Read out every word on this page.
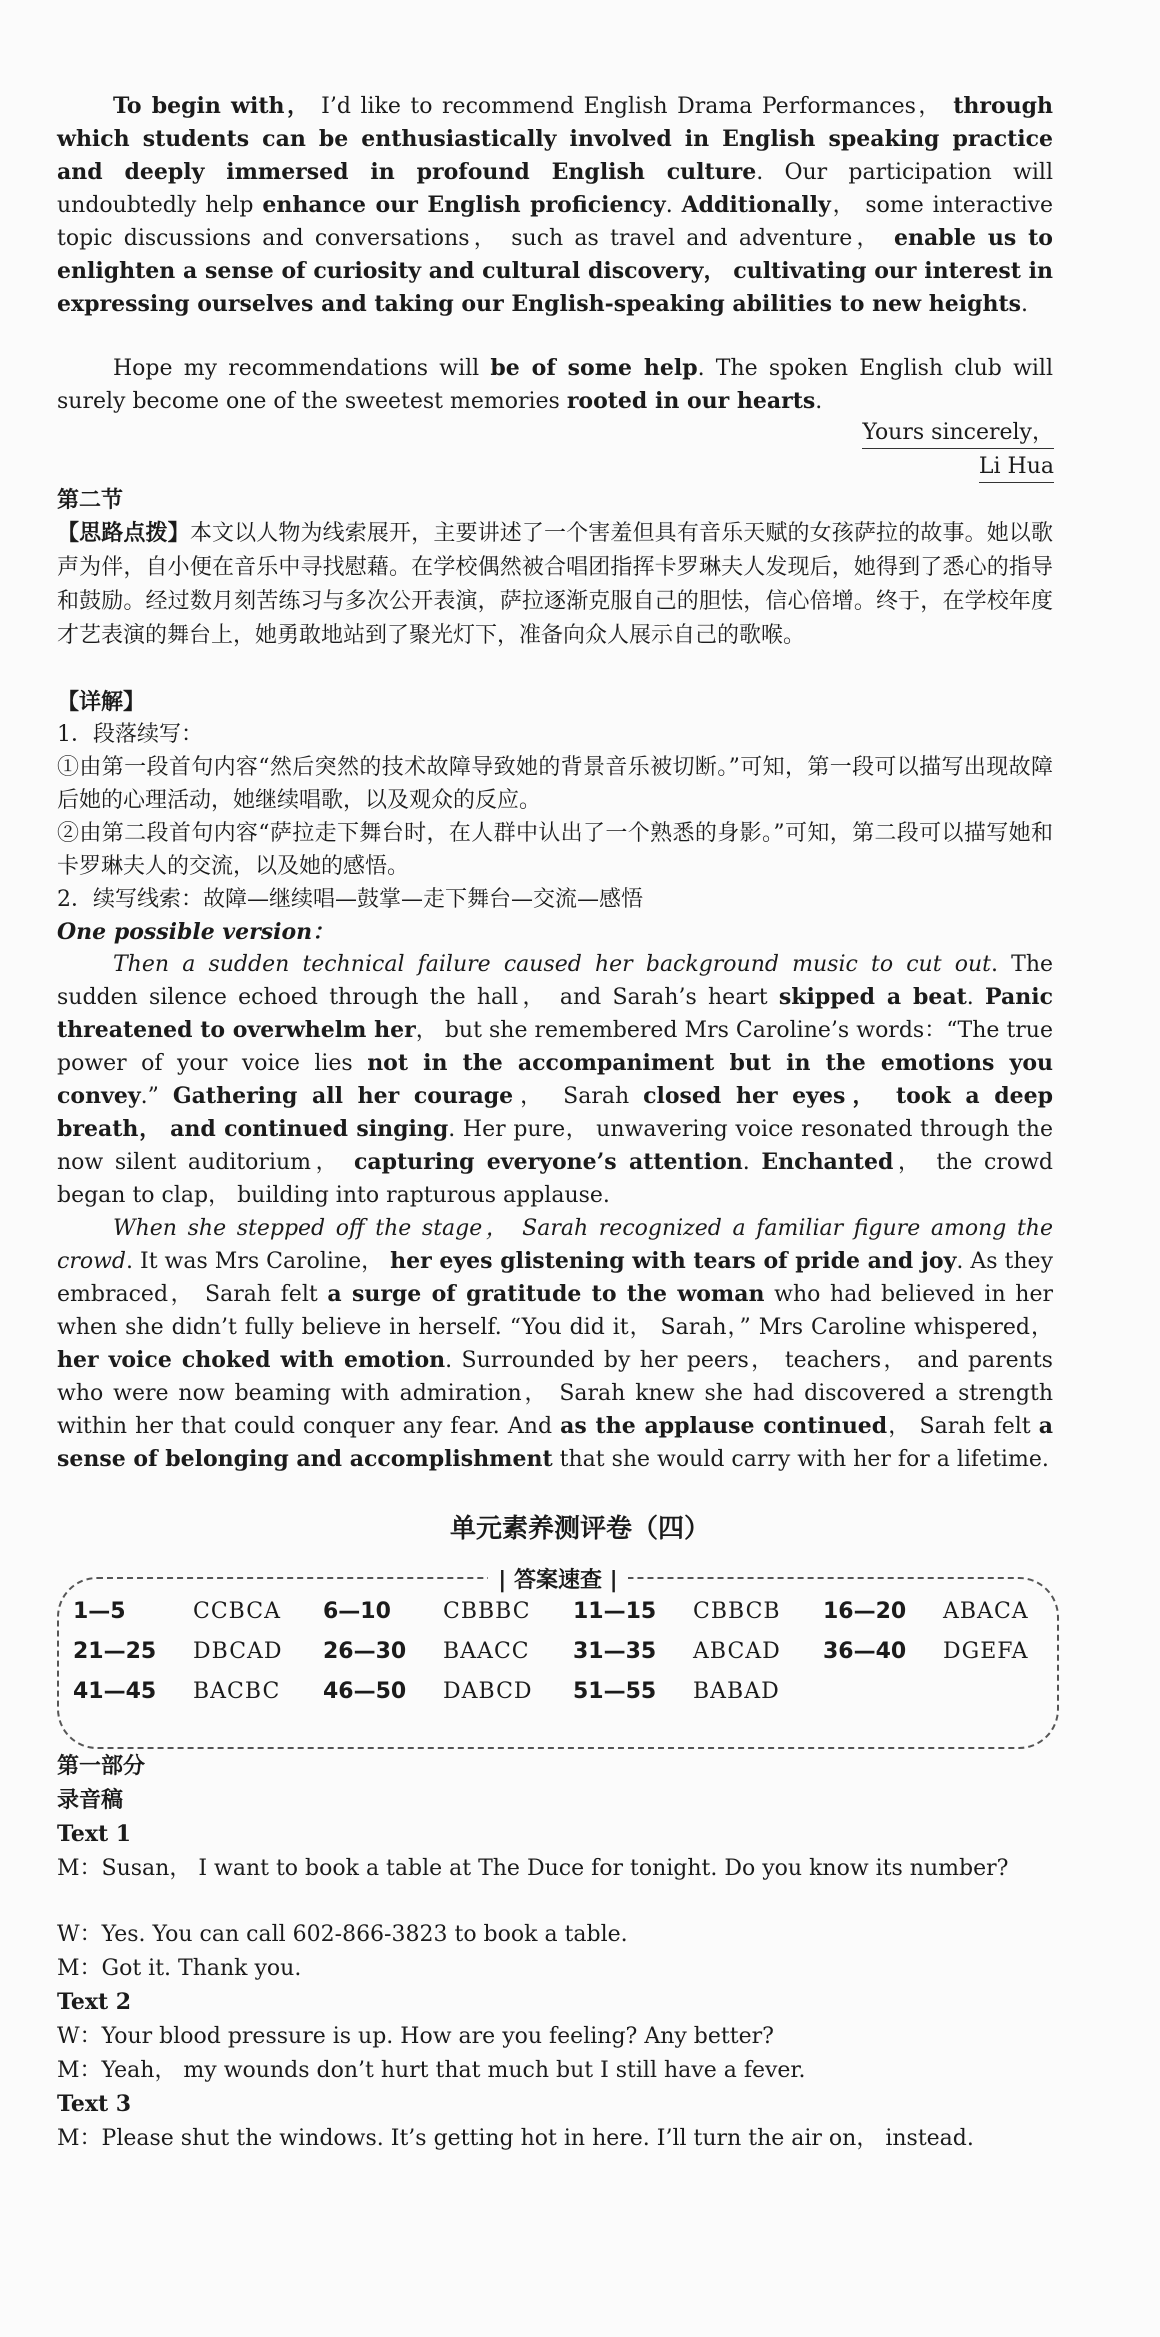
To begin with， I’d like to recommend English Drama Performances， through which students can be enthusiastically involved in English speaking practice and deeply immersed in profound English culture. Our participation will undoubtedly help enhance our English proficiency. Additionally， some interactive topic discussions and conversations， such as travel and adventure， enable us to enlighten a sense of curiosity and cultural discovery， cultivating our interest in expressing ourselves and taking our English-speaking abilities to new heights.

Hope my recommendations will be of some help. The spoken English club will surely become one of the sweetest memories rooted in our hearts.

Yours sincerely，
Li Hua
第二节

【思路点拨】本文以人物为线索展开，主要讲述了一个害羞但具有音乐天赋的女孩萨拉的故事。她以歌声为伴，自小便在音乐中寻找慰藉。在学校偶然被合唱团指挥卡罗琳夫人发现后，她得到了悉心的指导和鼓励。经过数月刻苦练习与多次公开表演，萨拉逐渐克服自己的胆怯，信心倍增。终于，在学校年度才艺表演的舞台上，她勇敢地站到了聚光灯下，准备向众人展示自己的歌喉。

【详解】

1．段落续写：

①由第一段首句内容“然后突然的技术故障导致她的背景音乐被切断。”可知，第一段可以描写出现故障后她的心理活动，她继续唱歌，以及观众的反应。

②由第二段首句内容“萨拉走下舞台时，在人群中认出了一个熟悉的身影。”可知，第二段可以描写她和卡罗琳夫人的交流，以及她的感悟。

2．续写线索：故障—继续唱—鼓掌—走下舞台—交流—感悟

One possible version：

Then a sudden technical failure caused her background music to cut out. The sudden silence echoed through the hall， and Sarah’s heart skipped a beat. Panic threatened to overwhelm her， but she remembered Mrs Caroline’s words：“The true power of your voice lies not in the accompaniment but in the emotions you convey.” Gathering all her courage， Sarah closed her eyes， took a deep breath， and continued singing. Her pure， unwavering voice resonated through the now silent auditorium， capturing everyone’s attention. Enchanted， the crowd began to clap， building into rapturous applause.

When she stepped off the stage， Sarah recognized a familiar figure among the crowd. It was Mrs Caroline， her eyes glistening with tears of pride and joy. As they embraced， Sarah felt a surge of gratitude to the woman who had believed in her when she didn’t fully believe in herself. “You did it， Sarah，” Mrs Caroline whispered， her voice choked with emotion. Surrounded by her peers， teachers， and parents who were now beaming with admiration， Sarah knew she had discovered a strength within her that could conquer any fear. And as the applause continued， Sarah felt a sense of belonging and accomplishment that she would carry with her for a lifetime.

单元素养测评卷（四）
| 答案速查 |
1—5	CCBCA 6—10 CBBBC 11—15 CBBCB 16—20 ABACA
21—25 DBCAD 26—30 BAACC 31—35 ABCAD 36—40 DGEFA
41—45 BACBC 46—50 DABCD 51—55 BABAD
第一部分
录音稿
Text 1

M：Susan， I want to book a table at The Duce for tonight. Do you know its number?

W：Yes. You can call 602-866-3823 to book a table.

M：Got it. Thank you.

Text 2

W：Your blood pressure is up. How are you feeling? Any better?

M：Yeah， my wounds don’t hurt that much but I still have a fever.

Text 3

M：Please shut the windows. It’s getting hot in here. I’ll turn the air on， instead.
